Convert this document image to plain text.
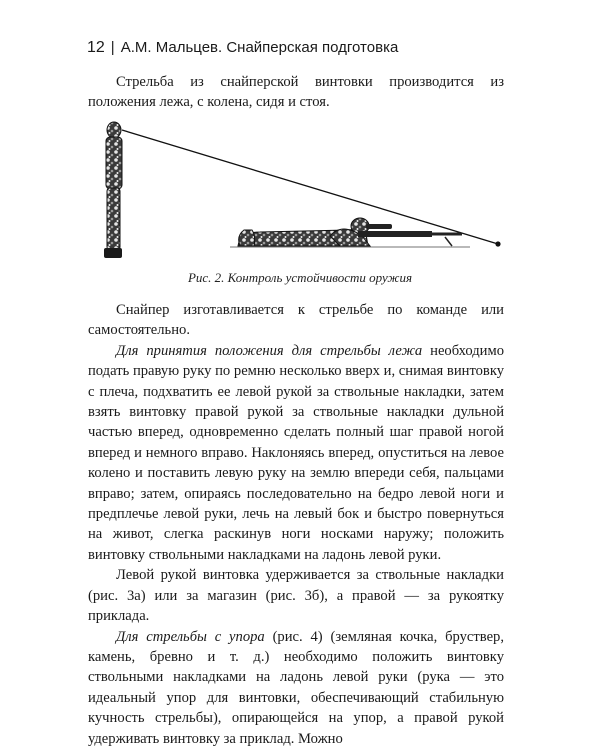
12 | А.М. Мальцев. Снайперская подготовка

Стрельба из снайперской винтовки производится из положения лежа, с колена, сидя и стоя.

Рис. 2. Контроль устойчивости оружия

Снайпер изготавливается к стрельбе по команде или самостоятельно.

Для принятия положения для стрельбы лежа необходимо подать правую руку по ремню несколько вверх и, снимая винтовку с плеча, подхватить ее левой рукой за ствольные накладки, затем взять винтовку правой рукой за ствольные накладки дульной частью вперед, одновременно сделать полный шаг правой ногой вперед и немного вправо. Наклоняясь вперед, опуститься на левое колено и поставить левую руку на землю впереди себя, пальцами вправо; затем, опираясь последовательно на бедро левой ноги и предплечье левой руки, лечь на левый бок и быстро повернуться на живот, слегка раскинув ноги носками наружу; положить винтовку ствольными накладками на ладонь левой руки.

Левой рукой винтовка удерживается за ствольные накладки (рис. 3а) или за магазин (рис. 3б), а правой — за рукоятку приклада.

Для стрельбы с упора (рис. 4) (земляная кочка, бруствер, камень, бревно и т. д.) необходимо положить винтовку ствольными накладками на ладонь левой руки (рука — это идеальный упор для винтовки, обеспечивающий стабильную кучность стрельбы), опирающейся на упор, а правой рукой удерживать винтовку за приклад. Можно
